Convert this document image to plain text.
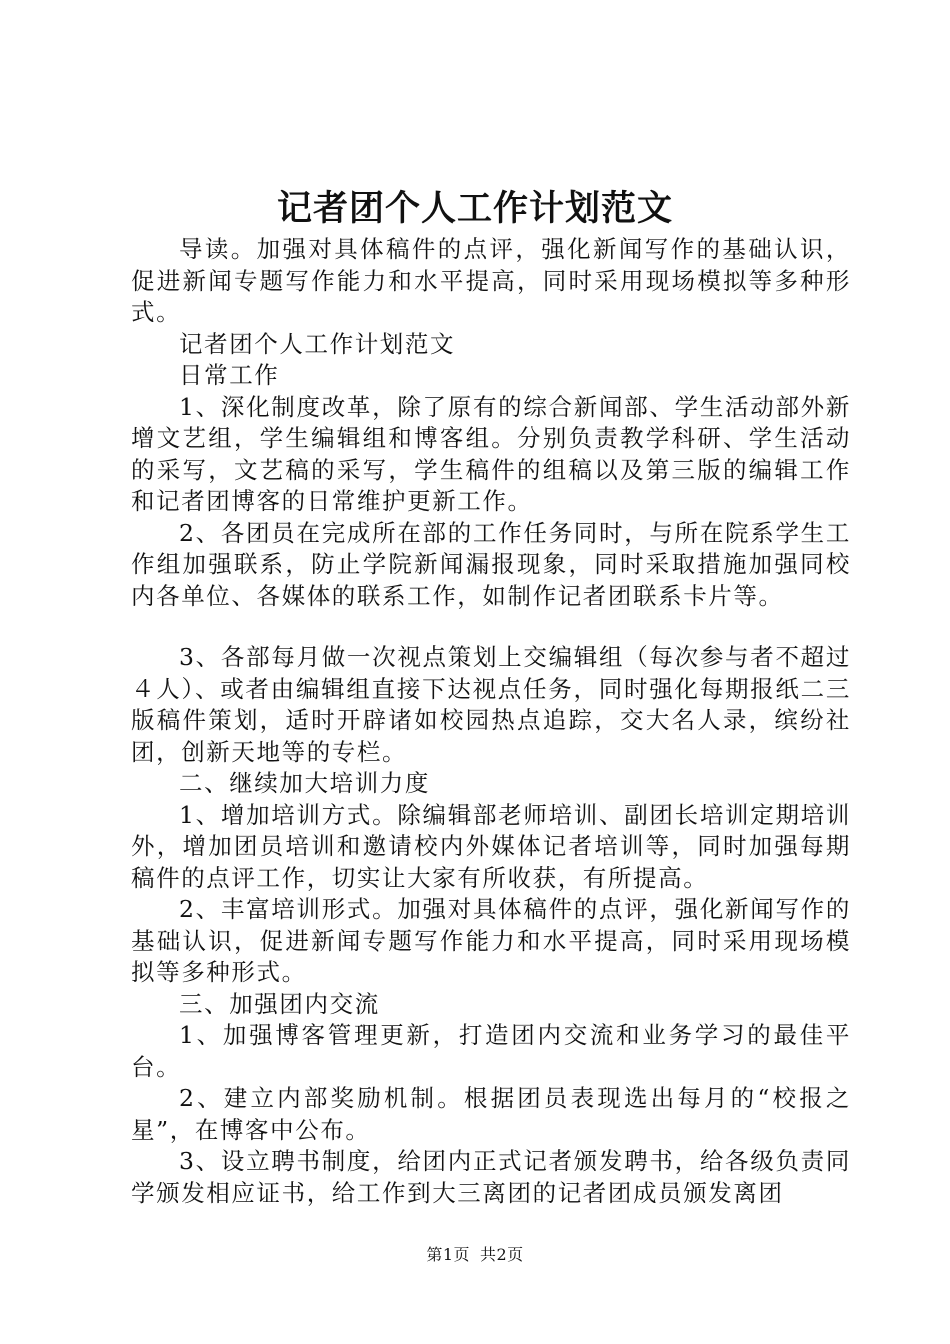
记者团个人工作计划范文

导读。加强对具体稿件的点评，强化新闻写作的基础认识，促进新闻专题写作能力和水平提高，同时采用现场模拟等多种形式。

记者团个人工作计划范文

日常工作

1、深化制度改革，除了原有的综合新闻部、学生活动部外新增文艺组，学生编辑组和博客组。分别负责教学科研、学生活动的采写，文艺稿的采写，学生稿件的组稿以及第三版的编辑工作和记者团博客的日常维护更新工作。

2、各团员在完成所在部的工作任务同时，与所在院系学生工作组加强联系，防止学院新闻漏报现象，同时采取措施加强同校内各单位、各媒体的联系工作，如制作记者团联系卡片等。

3、各部每月做一次视点策划上交编辑组（每次参与者不超过４人）、或者由编辑组直接下达视点任务，同时强化每期报纸二三版稿件策划，适时开辟诸如校园热点追踪，交大名人录，缤纷社团，创新天地等的专栏。

二、继续加大培训力度

1、增加培训方式。除编辑部老师培训、副团长培训定期培训外，增加团员培训和邀请校内外媒体记者培训等，同时加强每期稿件的点评工作，切实让大家有所收获，有所提高。

2、丰富培训形式。加强对具体稿件的点评，强化新闻写作的基础认识，促进新闻专题写作能力和水平提高，同时采用现场模拟等多种形式。

三、加强团内交流

1、加强博客管理更新，打造团内交流和业务学习的最佳平台。

2、建立内部奖励机制。根据团员表现选出每月的“校报之星”，在博客中公布。

3、设立聘书制度，给团内正式记者颁发聘书，给各级负责同学颁发相应证书，给工作到大三离团的记者团成员颁发离团

第1页 共2页
